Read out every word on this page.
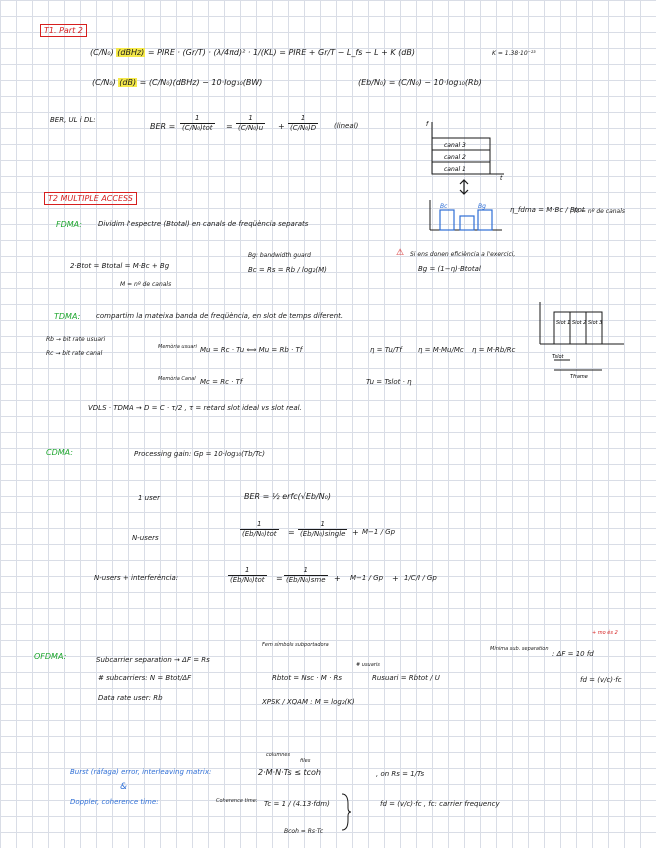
T1. Part 2
(C/N₀) (dBHz) = PIRE · (Gr/T) · (λ/4πd)² · 1/(KL) = PIRE + Gr/T − L_fs − L + K (dB)	K = 1.38·10⁻²³
(C/N₀) (dB) = (C/N₀)(dBHz) − 10·log₁₀(BW)	(Eb/N₀) = (C/N₀) − 10·log₁₀(Rb)
BER, UL i DL:
BER =
1
$(C/N_0)tot = \frac{1}{\text{(C/N₀)u}} + \frac{1}{\text{(C/N₀)D}}$ (lineal)
canal 3
canal 2
canal 1
f
t
Bc	Bg
T2 MULTIPLE ACCESS
FDMA: Dividim l'espectre (Btotal) en canals de freqüència separats
η_fdma = M·Bc / Btot
, M = nº de canals
2·Btot = Btotal = M·Bc + Bg
M = nº de canals
Bg: bandwidth guard
Bc = Rs = Rb / log₂(M)
⚠ Si ens donen eficiència a l'exercici,
Bg = (1−η)·Btotal
TDMA: compartim la mateixa banda de freqüència, en slot de temps diferent.
Rb → bit rate usuari
Rc → bit rate canal
Memòria usuari Mu = Rc · Tu ⟺ Mu = Rb · Tf	η = Tu/Tf η = M·Mu/Mc η = M·Rb/Rc
Memòria Canal Mc = Rc · Tf	Tu = Tslot · η
VDLS · TDMA → D = C · τ/2 , τ = retard slot ideal vs slot real.
Slot 1 Slot 2 Slot 3
Tslot
Tframe
CDMA:	Processing gain: Gp = 10·log₁₀(Tb/Tc)
1 user	BER = ½ erfc(√Eb/N₀)
N-users
1
(Eb/N₀)tot =
1
(Eb/N₀)single + M−1 / Gp
N-users + interferència:
1
(Eb/N₀)tot =
1
(Eb/N₀)sme + M−1 / Gp + 1/C/I / Gp
OFDMA:
Fem símbols subportadora
Subcarrier separation → ΔF = Rs
Mínima sub. separation
: ΔF = 10 fd
+ mo és 2
fd = (v/c)·fc
# subcarriers: N = Btot/ΔF	Rbtot = Nsc · M · Rs
# usuaris
Rusuari = Rbtot / U
Data rate user: Rb	XPSK / XQAM : M = log₂(K)
columnes
files
Burst (ráfaga) error, interleaving matrix:	2·M·N·Ts ≤ tcoh	, on Rs = 1/Ts
&
Doppler, coherence time:	Coherence time: Tc = 1 / (4.13·fdm)
Bcoh = Rs·Tc
fd = (v/c)·fc , fc: carrier frequency
